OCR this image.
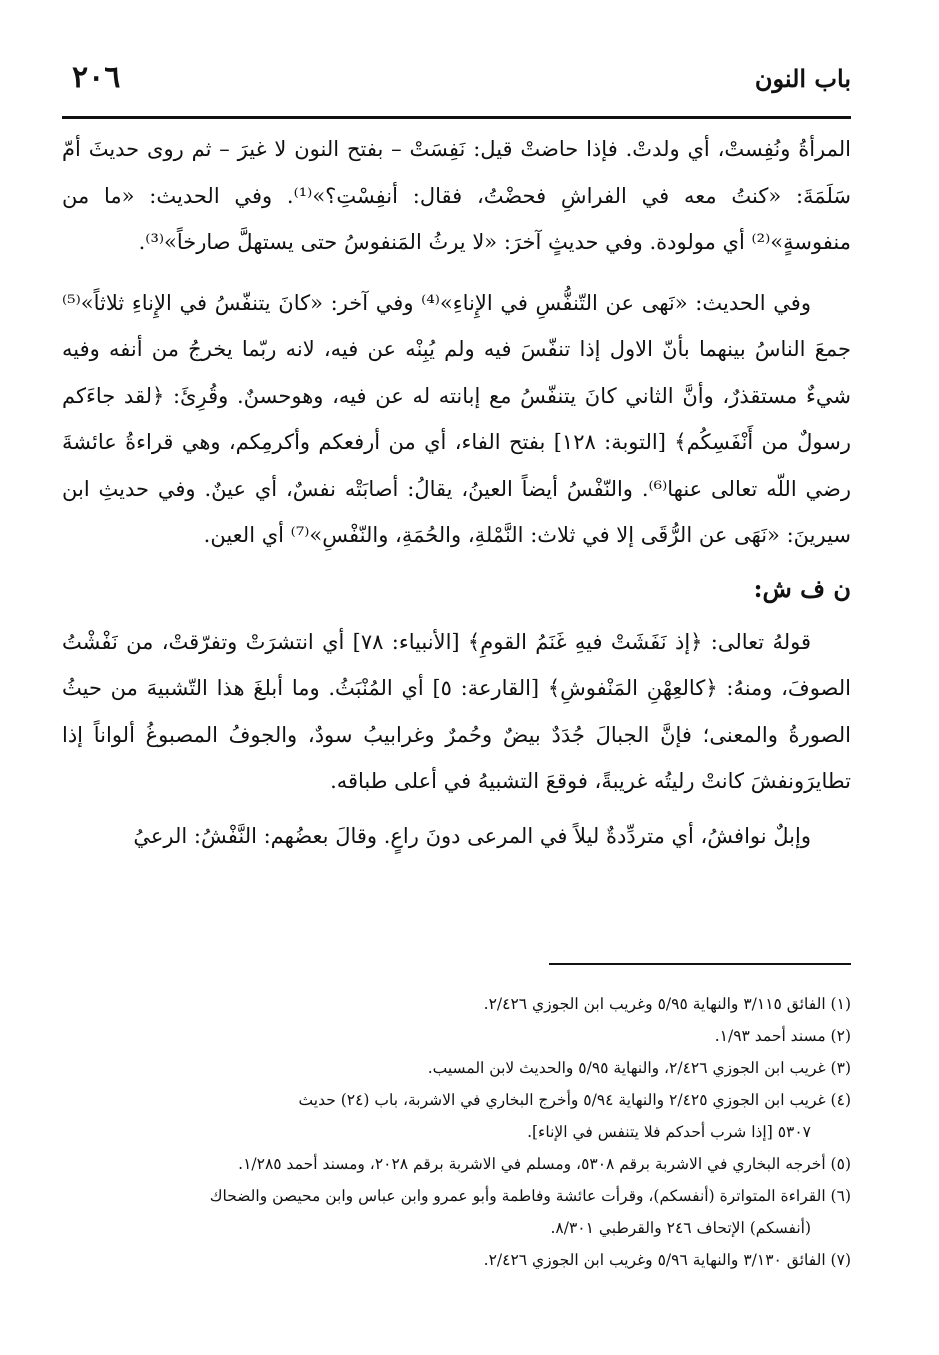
٢٠٦	باب النون

المرأةُ ونُفِستْ، أي ولدتْ. فإذا حاضتْ قيل: نَفِسَتْ – بفتح النون لا غيرَ – ثم روى حديثَ أمّ سَلَمَةَ: «كنتُ معه في الفراشِ فحضْتُ، فقال: أنفِسْتِ؟»⁽¹⁾. وفي الحديث: «ما من منفوسةٍ»⁽²⁾ أي مولودة. وفي حديثٍ آخرَ: «لا يرثُ المَنفوسُ حتى يستهلَّ صارخاً»⁽³⁾.

وفي الحديث: «نَهى عن التّنفُّسِ في الإِناءِ»⁽⁴⁾ وفي آخر: «كانَ يتنفّسُ في الإِناءِ ثلاثاً»⁽⁵⁾ جمعَ الناسُ بينهما بأنّ الاول إذا تنفّسَ فيه ولم يُبِنْه عن فيه، لانه ربّما يخرجُ من أنفه وفيه شيءٌ مستقذرٌ، وأنَّ الثاني كانَ يتنفّسُ مع إبانته له عن فيه، وهوحسنٌ. وقُرِئَ: ﴿لقد جاءَكم رسولٌ من أَنْفَسِكُم﴾ [التوبة: ١٢٨] بفتح الفاء، أي من أرفعكم وأكرمِكم، وهي قراءةُ عائشةَ رضي اللّه تعالى عنها⁽⁶⁾. والنّفْسُ أيضاً العينُ، يقالُ: أصابَتْه نفسٌ، أي عينٌ. وفي حديثِ ابن سيرينَ: «نَهَى عن الرُّقَى إلا في ثلاث: النَّمْلةِ، والحُمَةِ، والنّفْسِ»⁽⁷⁾ أي العين.

ن ف ش:

قولهُ تعالى: ﴿إذ نَفَشَتْ فيهِ غَنَمُ القومِ﴾ [الأنبياء: ٧٨] أي انتشرَتْ وتفرّقتْ، من نَفْشْتُ الصوفَ، ومنهُ: ﴿كالعِهْنِ المَنْفوشِ﴾ [القارعة: ٥] أي المُنْبَثُ. وما أبلغَ هذا التّشبيهَ من حيثُ الصورةُ والمعنى؛ فإنَّ الجبالَ جُدَدٌ بيضٌ وحُمرٌ وغرابيبُ سودٌ، والجوفُ المصبوغُ ألواناً إذا تطايرَونفشَ كانتْ رليتُه غريبةً، فوقعَ التشبيهُ في أعلى طباقه.

وإبلٌ نوافشُ، أي متردِّدةٌ ليلاً في المرعى دونَ راعٍ. وقالَ بعضُهم: النَّفْشُ: الرعيُ

(١) الفائق ٣/١١٥ والنهاية ٥/٩٥ وغريب ابن الجوزي ٢/٤٢٦.

(٢) مسند أحمد ١/٩٣.

(٣) غريب ابن الجوزي ٢/٤٢٦، والنهاية ٥/٩٥ والحديث لابن المسيب.

(٤) غريب ابن الجوزي ٢/٤٢٥ والنهاية ٥/٩٤ وأخرج البخاري في الاشربة، باب (٢٤) حديث

٥٣٠٧ [إذا شرب أحدكم فلا يتنفس في الإناء].

(٥) أخرجه البخاري في الاشربة برقم ٥٣٠٨، ومسلم في الاشربة برقم ٢٠٢٨، ومسند أحمد ١/٢٨٥.

(٦) القراءة المتواترة (أنفسكم)، وقرأت عائشة وفاطمة وأبو عمرو وابن عباس وابن محيصن والضحاك

(أنفسكم) الإتحاف ٢٤٦ والقرطبي ٨/٣٠١.

(٧) الفائق ٣/١٣٠ والنهاية ٥/٩٦ وغريب ابن الجوزي ٢/٤٢٦.
